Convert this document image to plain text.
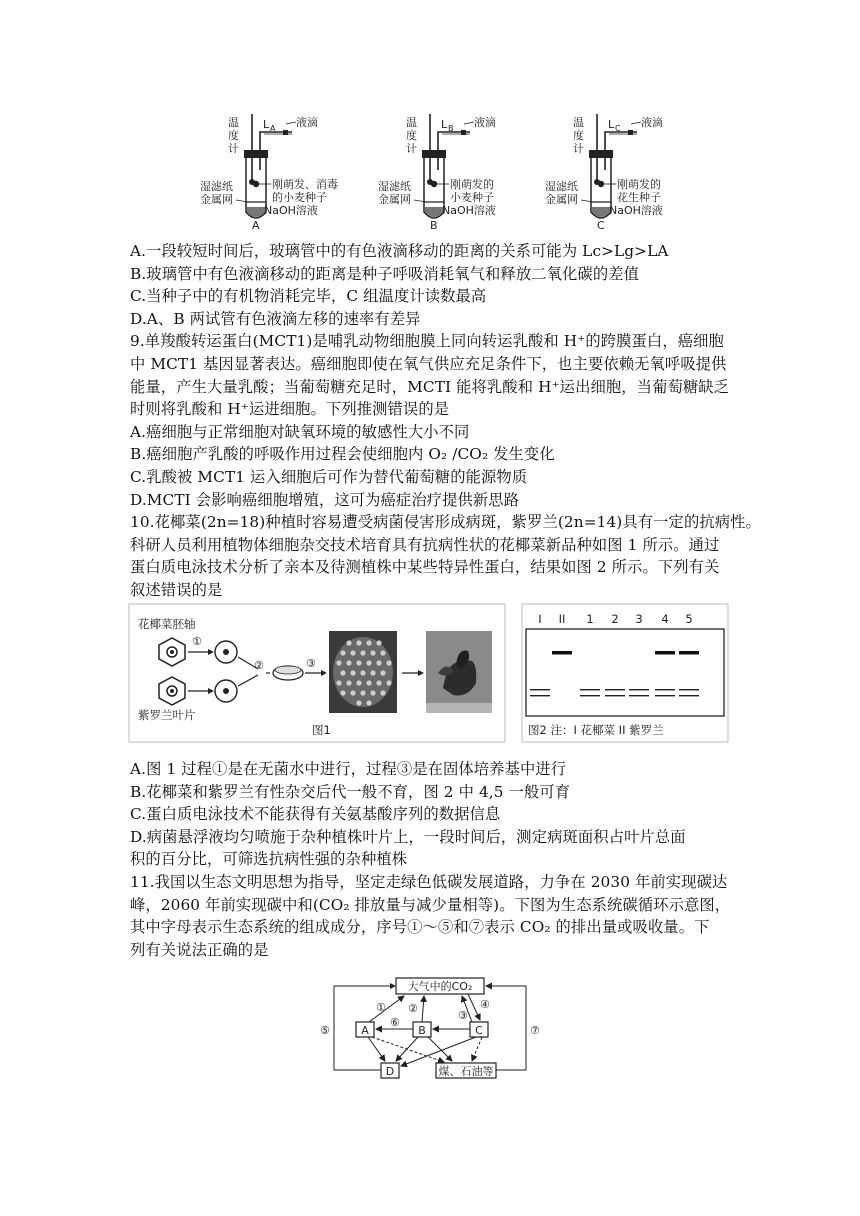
温
度
计
L A 液滴
湿滤纸
金属网
刚萌发、消毒
的小麦种子
NaOH溶液
A
温
度
计
L B 液滴
湿滤纸
金属网
刚萌发的
小麦种子
NaOH溶液
B
温
度
计
L C 液滴
湿滤纸
金属网
刚萌发的
花生种子
NaOH溶液
C
A.一段较短时间后，玻璃管中的有色液滴移动的距离的关系可能为 Lc>Lg>LA
B.玻璃管中有色液滴移动的距离是种子呼吸消耗氧气和释放二氧化碳的差值
C.当种子中的有机物消耗完毕，C 组温度计读数最高
D.A、B 两试管有色液滴左移的速率有差异
9.单羧酸转运蛋白(MCT1)是哺乳动物细胞膜上同向转运乳酸和 H⁺的跨膜蛋白，癌细胞
中 MCT1 基因显著表达。癌细胞即使在氧气供应充足条件下，也主要依赖无氧呼吸提供
能量，产生大量乳酸；当葡萄糖充足时，MCTI 能将乳酸和 H⁺运出细胞，当葡萄糖缺乏
时则将乳酸和 H⁺运进细胞。下列推测错误的是
A.癌细胞与正常细胞对缺氧环境的敏感性大小不同
B.癌细胞产乳酸的呼吸作用过程会使细胞内 O₂ /CO₂ 发生变化
C.乳酸被 MCT1 运入细胞后可作为替代葡萄糖的能源物质
D.MCTI 会影响癌细胞增殖，这可为癌症治疗提供新思路
10.花椰菜(2n=18)种植时容易遭受病菌侵害形成病斑，紫罗兰(2n=14)具有一定的抗病性。
科研人员利用植物体细胞杂交技术培育具有抗病性状的花椰菜新品种如图 1 所示。通过
蛋白质电泳技术分析了亲本及待测植株中某些特异性蛋白，结果如图 2 所示。下列有关
叙述错误的是
花椰菜胚轴
紫罗兰叶片
①
②	③
图1
I II 1 2 3 4 5
图2 注：I 花椰菜 II 紫罗兰
A.图 1 过程①是在无菌水中进行，过程③是在固体培养基中进行
B.花椰菜和紫罗兰有性杂交后代一般不育，图 2 中 4,5 一般可育
C.蛋白质电泳技术不能获得有关氨基酸序列的数据信息
D.病菌悬浮液均匀喷施于杂种植株叶片上，一段时间后，测定病斑面积占叶片总面
积的百分比，可筛选抗病性强的杂种植株
11.我国以生态文明思想为指导，坚定走绿色低碳发展道路，力争在 2030 年前实现碳达
峰，2060 年前实现碳中和(CO₂ 排放量与减少量相等)。下图为生态系统碳循环示意图，
其中字母表示生态系统的组成成分，序号①～⑤和⑦表示 CO₂ 的排出量或吸收量。下
列有关说法正确的是
大气中的CO₂
A	B	C
D	煤、石油等
① ②
③
④
⑤
⑥
⑦
